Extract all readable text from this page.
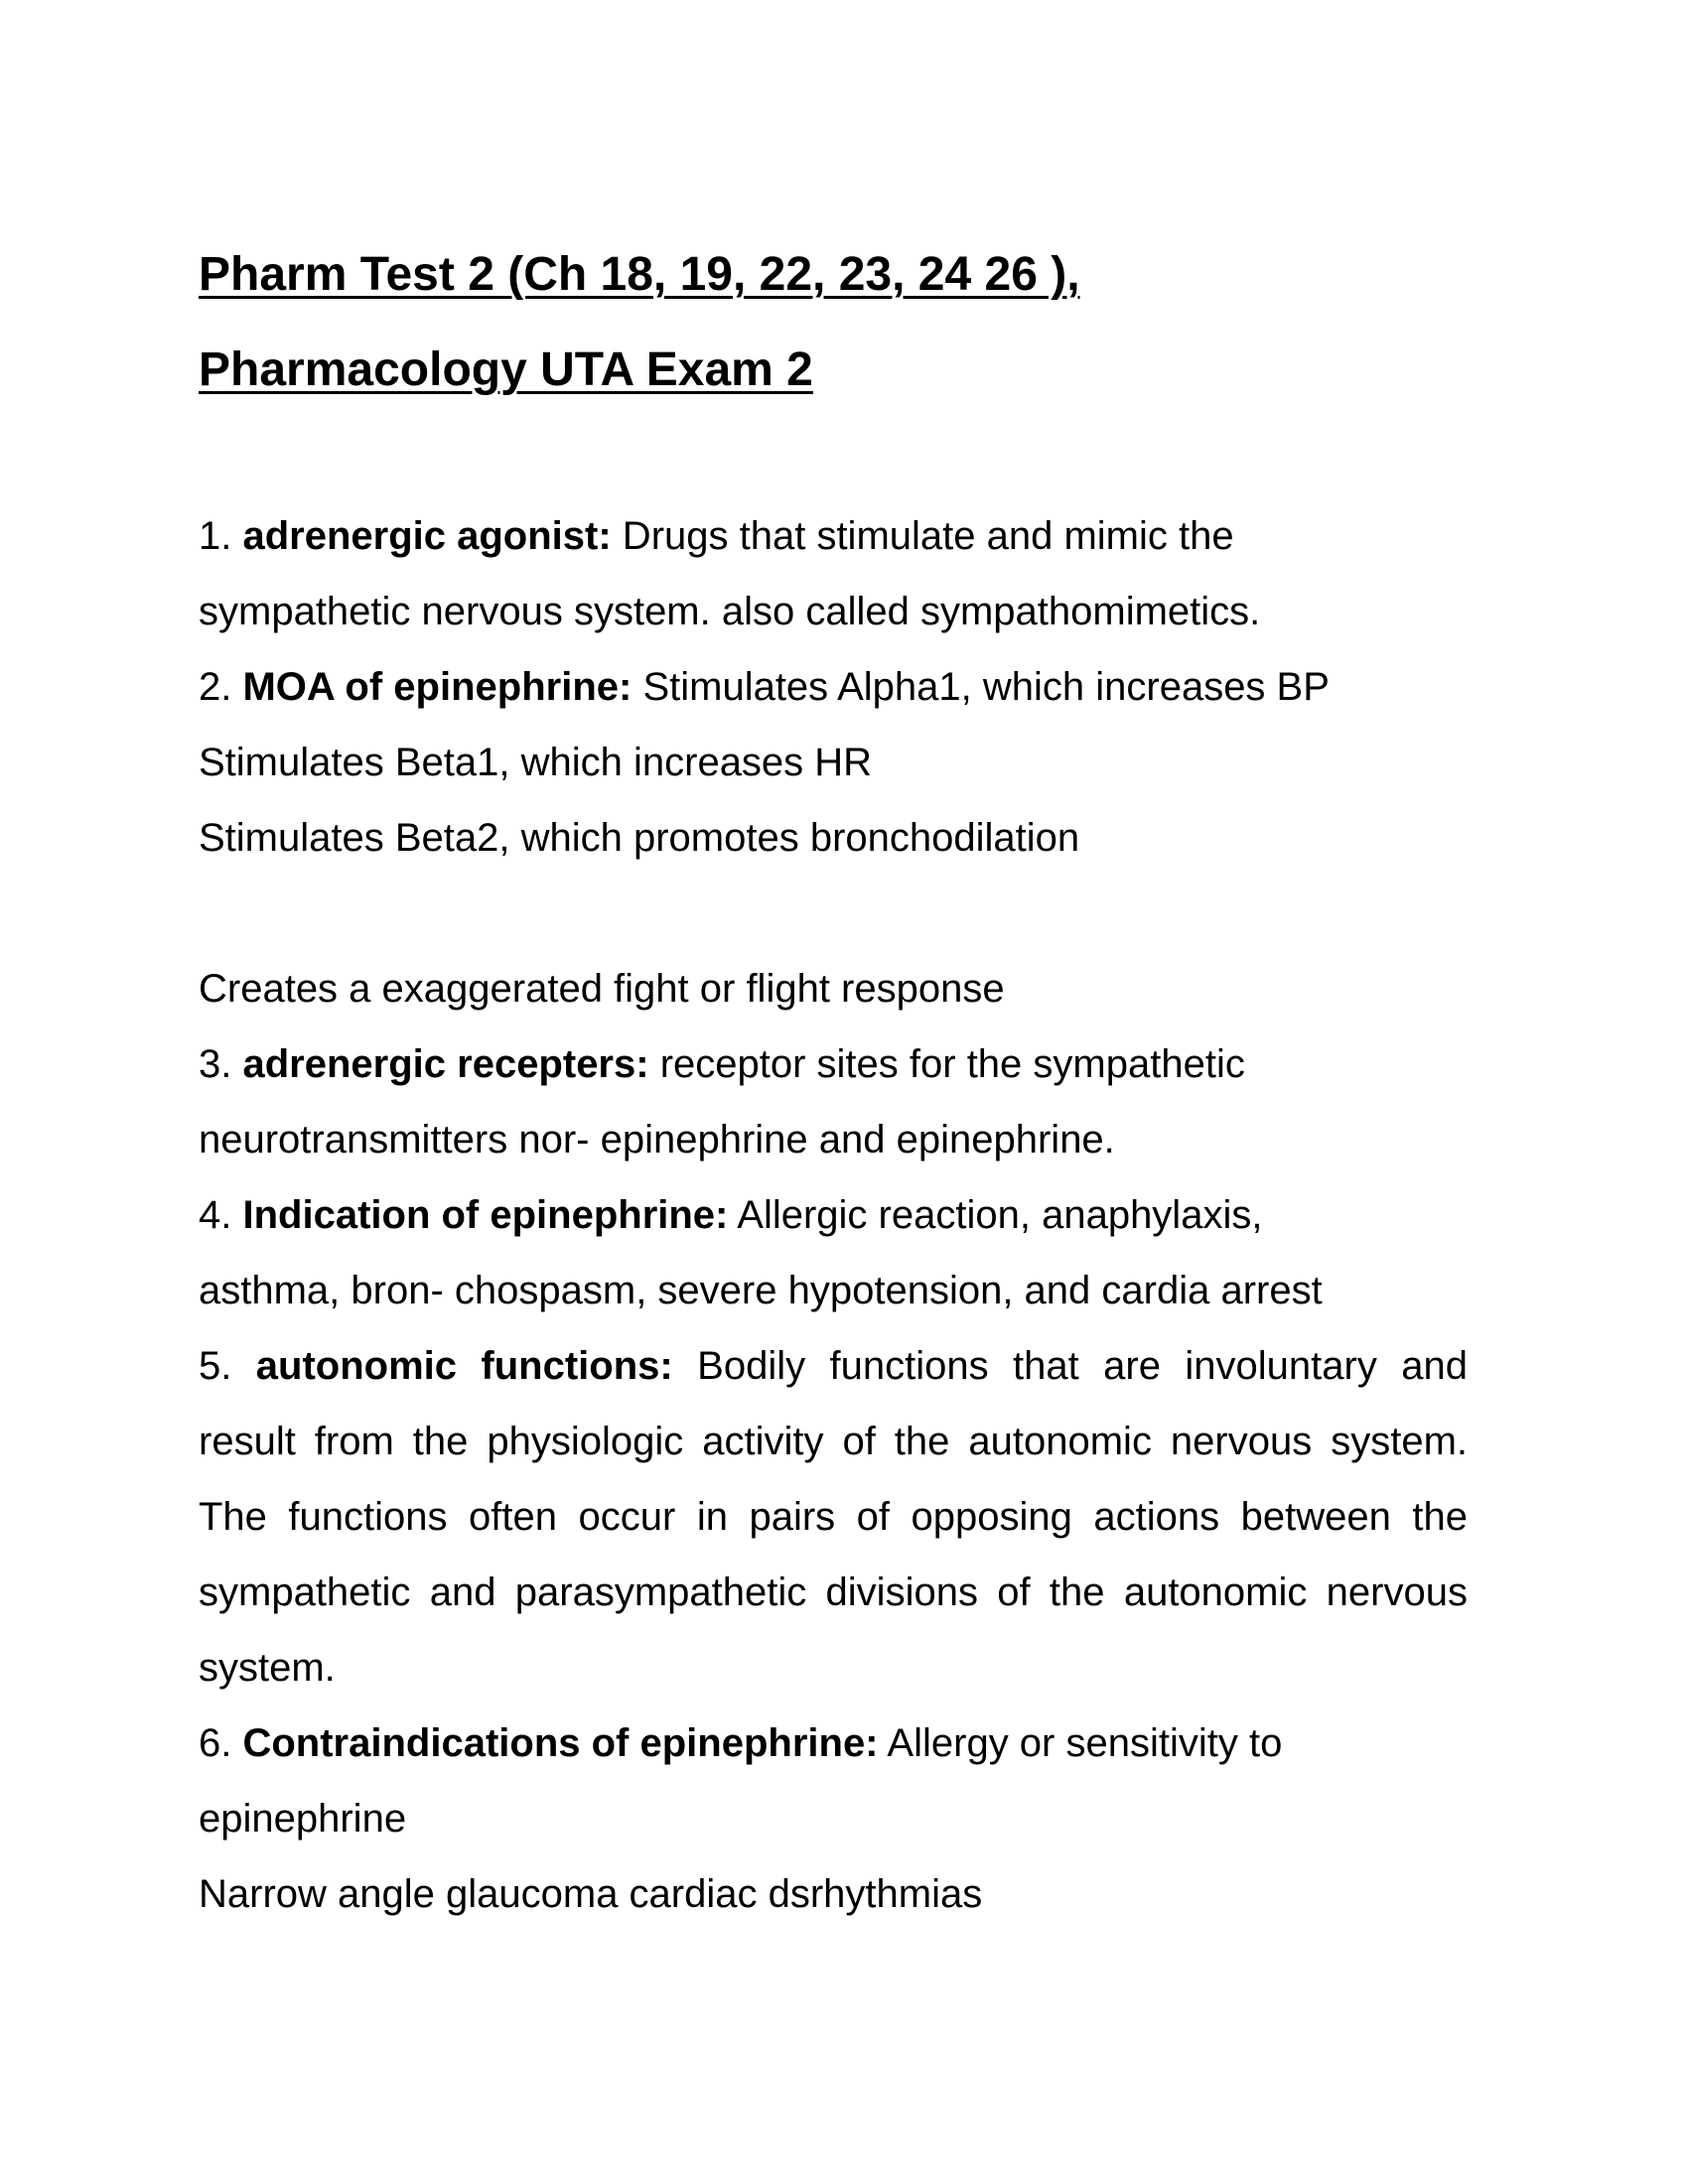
Pharm Test 2 (Ch 18, 19, 22, 23, 24 26 ),
Pharmacology UTA Exam 2

1. adrenergic agonist: Drugs that stimulate and mimic the sympathetic nervous system. also called sympathomimetics.

2. MOA of epinephrine: Stimulates Alpha1, which increases BP

Stimulates Beta1, which increases HR

Stimulates Beta2, which promotes bronchodilation

Creates a exaggerated fight or flight response

3. adrenergic recepters: receptor sites for the sympathetic neurotransmitters nor- epinephrine and epinephrine.

4. Indication of epinephrine: Allergic reaction, anaphylaxis, asthma, bron- chospasm, severe hypotension, and cardia arrest

5. autonomic functions: Bodily functions that are involuntary and result from the physiologic activity of the autonomic nervous system. The functions often occur in pairs of opposing actions between the sympathetic and parasympathetic divisions of the autonomic nervous system.

6. Contraindications of epinephrine: Allergy or sensitivity to epinephrine

Narrow angle glaucoma cardiac dsrhythmias
